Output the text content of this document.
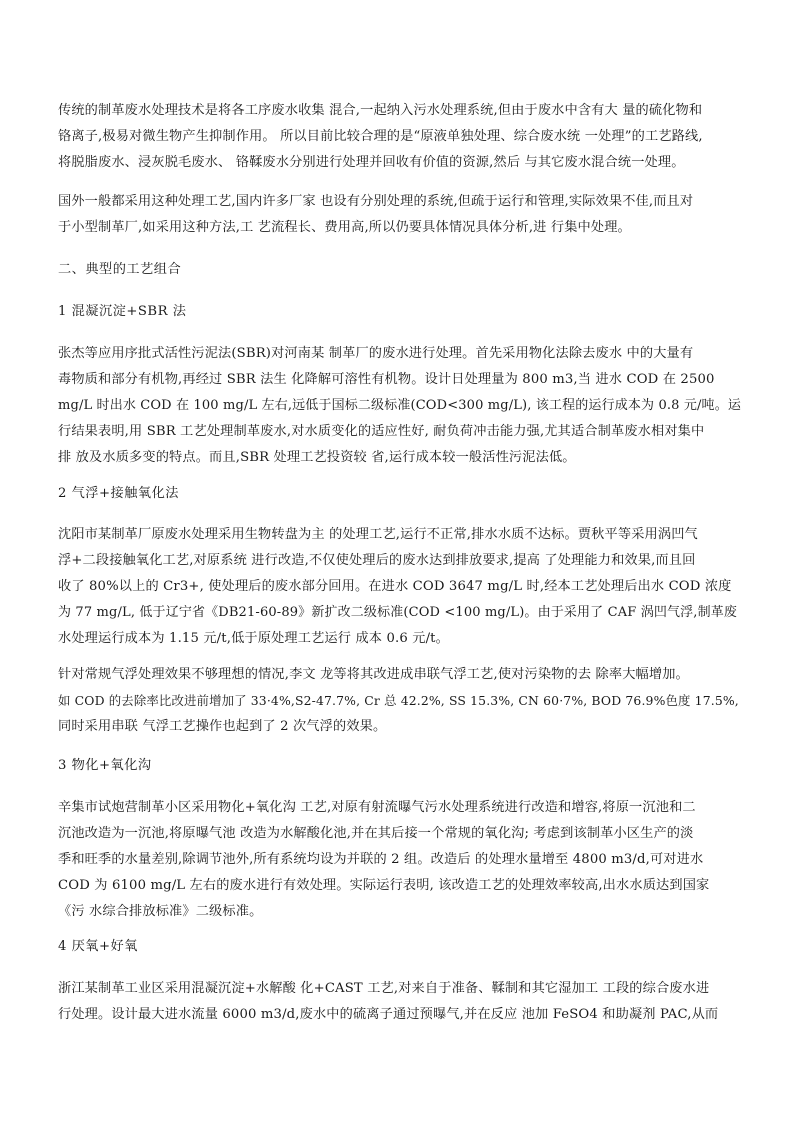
传统的制革废水处理技术是将各工序废水收集 混合,一起纳入污水处理系统,但由于废水中含有大 量的硫化物和
铬离子,极易对微生物产生抑制作用。 所以目前比较合理的是“原液单独处理、综合废水统 一处理”的工艺路线,
将脱脂废水、浸灰脱毛废水、 铬鞣废水分别进行处理并回收有价值的资源,然后 与其它废水混合统一处理。
国外一般都采用这种处理工艺,国内许多厂家 也设有分别处理的系统,但疏于运行和管理,实际效果不佳,而且对
于小型制革厂,如采用这种方法,工 艺流程长、费用高,所以仍要具体情况具体分析,进 行集中处理。
二、典型的工艺组合
1 混凝沉淀+SBR 法
张杰等应用序批式活性污泥法(SBR)对河南某 制革厂的废水进行处理。首先采用物化法除去废水 中的大量有
毒物质和部分有机物,再经过 SBR 法生 化降解可溶性有机物。设计日处理量为 800 m3,当 进水 COD 在 2500
mg/L 时出水 COD 在 100 mg/L 左右,远低于国标二级标准(COD<300 mg/L), 该工程的运行成本为 0.8 元/吨。运
行结果表明,用 SBR 工艺处理制革废水,对水质变化的适应性好, 耐负荷冲击能力强,尤其适合制革废水相对集中
排 放及水质多变的特点。而且,SBR 处理工艺投资较 省,运行成本较一般活性污泥法低。
2 气浮+接触氧化法
沈阳市某制革厂原废水处理采用生物转盘为主 的处理工艺,运行不正常,排水水质不达标。贾秋平等采用涡凹气
浮+二段接触氧化工艺,对原系统 进行改造,不仅使处理后的废水达到排放要求,提高 了处理能力和效果,而且回
收了 80%以上的 Cr3+, 使处理后的废水部分回用。在进水 COD 3647 mg/L 时,经本工艺处理后出水 COD 浓度
为 77 mg/L, 低于辽宁省《DB21-60-89》新扩改二级标准(COD <100 mg/L)。由于采用了 CAF 涡凹气浮,制革废
水处理运行成本为 1.15 元/t,低于原处理工艺运行 成本 0.6 元/t。
针对常规气浮处理效果不够理想的情况,李文 龙等将其改进成串联气浮工艺,使对污染物的去 除率大幅增加。
如 COD 的去除率比改进前增加了 33·4%,S2-47.7%, Cr 总 42.2%, SS 15.3%, CN 60·7%, BOD 76.9%色度 17.5%,
同时采用串联 气浮工艺操作也起到了 2 次气浮的效果。
3 物化+氧化沟
辛集市试炮营制革小区采用物化+氧化沟 工艺,对原有射流曝气污水处理系统进行改造和增容,将原一沉池和二
沉池改造为一沉池,将原曝气池 改造为水解酸化池,并在其后接一个常规的氧化沟; 考虑到该制革小区生产的淡
季和旺季的水量差别,除调节池外,所有系统均设为并联的 2 组。改造后 的处理水量增至 4800 m3/d,可对进水
COD 为 6100 mg/L 左右的废水进行有效处理。实际运行表明, 该改造工艺的处理效率较高,出水水质达到国家
《污 水综合排放标准》二级标准。
4 厌氧+好氧
浙江某制革工业区采用混凝沉淀+水解酸 化+CAST 工艺,对来自于准备、鞣制和其它湿加工 工段的综合废水进
行处理。设计最大进水流量 6000 m3/d,废水中的硫离子通过预曝气,并在反应 池加 FeSO4 和助凝剂 PAC,从而
